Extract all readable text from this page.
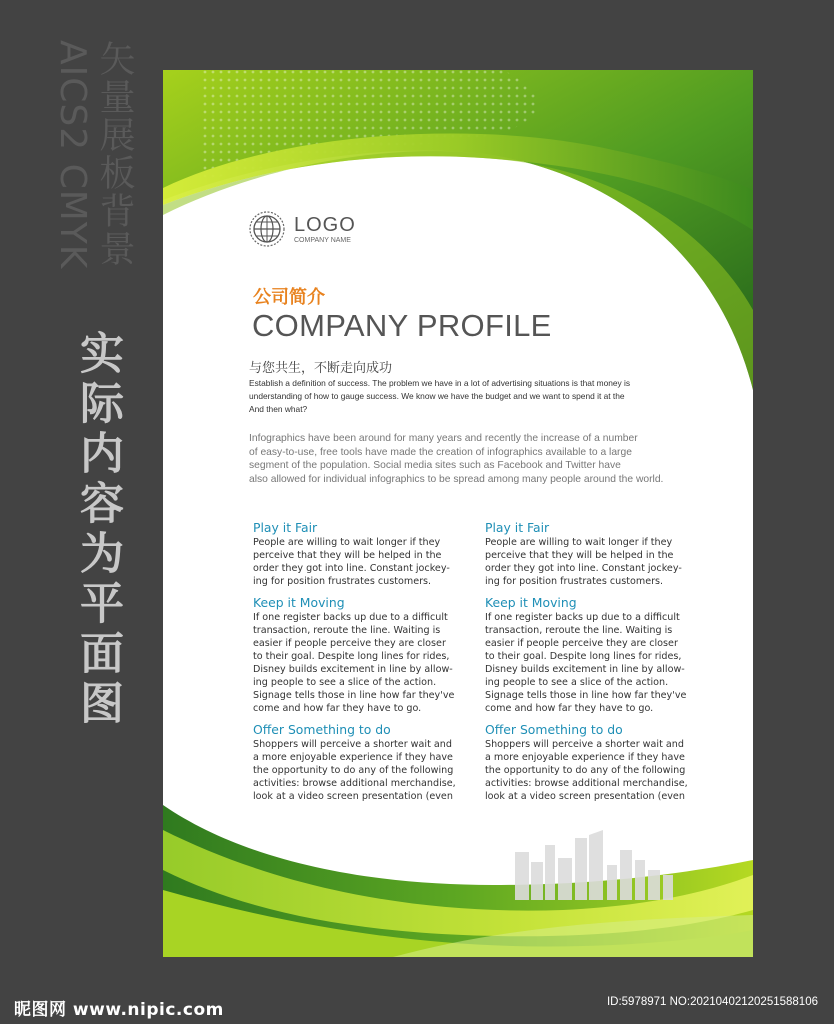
AICS2 CMYK 矢量展板背景
实际内容为平面图
LOGO
COMPANY NAME
公司简介
COMPANY PROFILE
与您共生，不断走向成功
Establish a definition of success. The problem we have in a lot of advertising situations is that money is
understanding of how to gauge success. We know we have the budget and we want to spend it at the
And then what?
Infographics have been around for many years and recently the increase of a number
of easy-to-use, free tools have made the creation of infographics available to a large
segment of the population. Social media sites such as Facebook and Twitter have
also allowed for individual infographics to be spread among many people around the world.
Play it Fair
People are willing to wait longer if they
perceive that they will be helped in the
order they got into line. Constant jockey-
ing for position frustrates customers.
Keep it Moving
If one register backs up due to a difficult
transaction, reroute the line. Waiting is
easier if people perceive they are closer
to their goal. Despite long lines for rides,
Disney builds excitement in line by allow-
ing people to see a slice of the action.
Signage tells those in line how far they've
come and how far they have to go.
Offer Something to do
Shoppers will perceive a shorter wait and
a more enjoyable experience if they have
the opportunity to do any of the following
activities: browse additional merchandise,
look at a video screen presentation (even
Play it Fair
People are willing to wait longer if they
perceive that they will be helped in the
order they got into line. Constant jockey-
ing for position frustrates customers.
Keep it Moving
If one register backs up due to a difficult
transaction, reroute the line. Waiting is
easier if people perceive they are closer
to their goal. Despite long lines for rides,
Disney builds excitement in line by allow-
ing people to see a slice of the action.
Signage tells those in line how far they've
come and how far they have to go.
Offer Something to do
Shoppers will perceive a shorter wait and
a more enjoyable experience if they have
the opportunity to do any of the following
activities: browse additional merchandise,
look at a video screen presentation (even
昵图网 www.nipic.com	ID:5978971 NO:20210402120251588106
